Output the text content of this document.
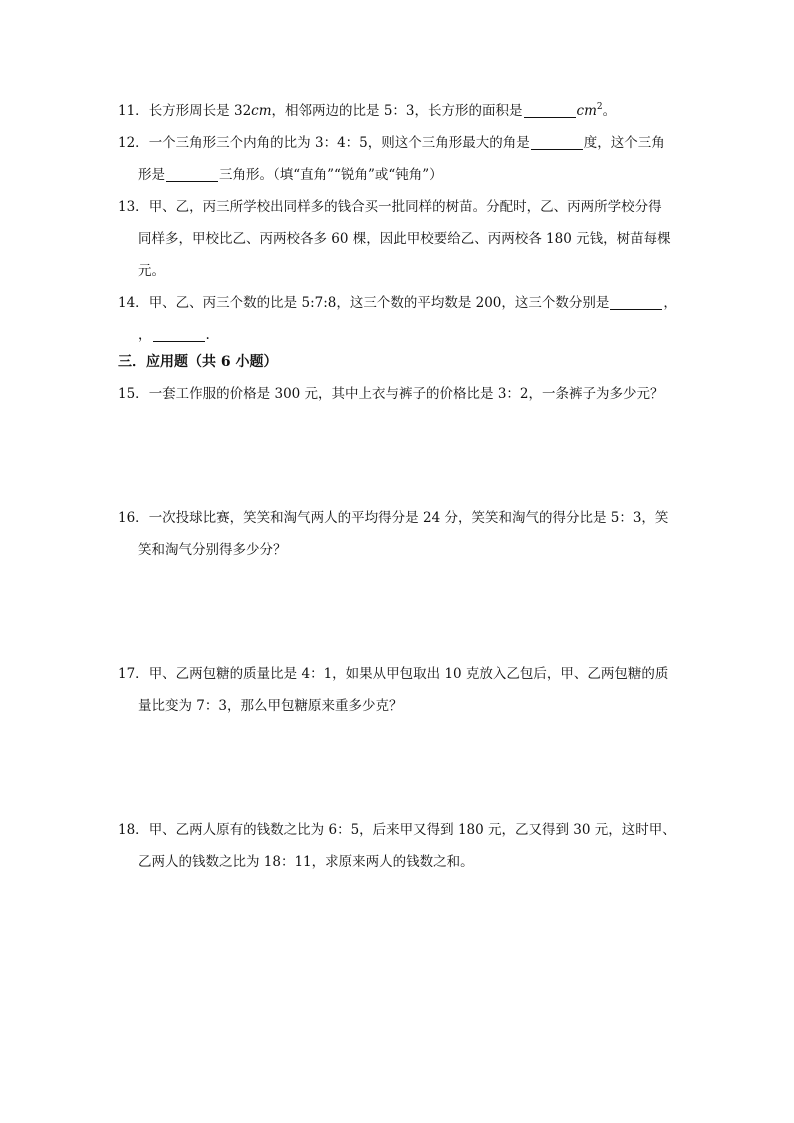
11．长方形周长是 32cm，相邻两边的比是 5：3，长方形的面积是	$cm^2$。
12．一个三角形三个内角的比为 3：4：5，则这个三角形最大的角是	度，这个三角
形是	三角形。（填“直角”“锐角”或“钝角”）
13．甲、乙，丙三所学校出同样多的钱合买一批同样的树苗。分配时，乙、丙两所学校分得
同样多，甲校比乙、丙两校各多 60 棵，因此甲校要给乙、丙两校各 180 元钱，树苗每棵
元。
14．甲、乙、丙三个数的比是 5:7:8，这三个数的平均数是 200，这三个数分别是	，
，	.
三．应用题（共 6 小题）
15．一套工作服的价格是 300 元，其中上衣与裤子的价格比是 3：2，一条裤子为多少元？
16．一次投球比赛，笑笑和淘气两人的平均得分是 24 分，笑笑和淘气的得分比是 5：3，笑
笑和淘气分别得多少分？
17．甲、乙两包糖的质量比是 4：1，如果从甲包取出 10 克放入乙包后，甲、乙两包糖的质
量比变为 7：3，那么甲包糖原来重多少克？
18．甲、乙两人原有的钱数之比为 6：5，后来甲又得到 180 元，乙又得到 30 元，这时甲、
乙两人的钱数之比为 18：11，求原来两人的钱数之和。
